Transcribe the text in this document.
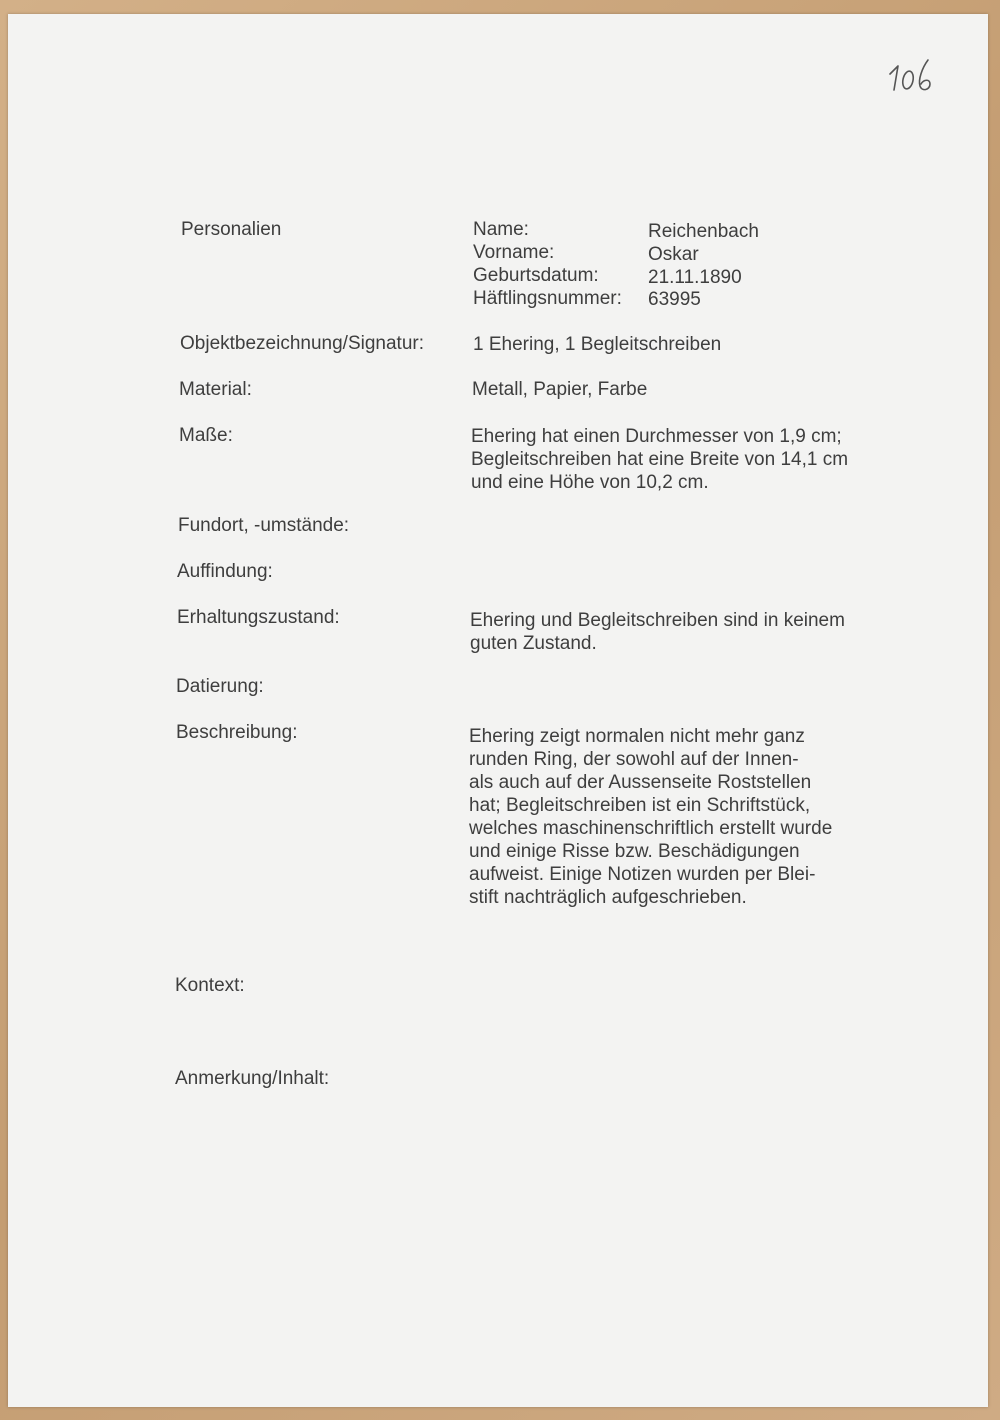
Personalien	Name:	Reichenbach
Vorname:	Oskar
Geburtsdatum:	21.11.1890
Häftlingsnummer: 63995
Objektbezeichnung/Signatur:	1 Ehering, 1 Begleitschreiben
Material:	Metall, Papier, Farbe
Maße:	Ehering hat einen Durchmesser von 1,9 cm;
Begleitschreiben hat eine Breite von 14,1 cm
und eine Höhe von 10,2 cm.
Fundort, -umstände:
Auffindung:
Erhaltungszustand:	Ehering und Begleitschreiben sind in keinem
guten Zustand.
Datierung:
Beschreibung:	Ehering zeigt normalen nicht mehr ganz
runden Ring, der sowohl auf der Innen-
als auch auf der Aussenseite Roststellen
hat; Begleitschreiben ist ein Schriftstück,
welches maschinenschriftlich erstellt wurde
und einige Risse bzw. Beschädigungen
aufweist. Einige Notizen wurden per Blei-
stift nachträglich aufgeschrieben.
Kontext:
Anmerkung/Inhalt:
